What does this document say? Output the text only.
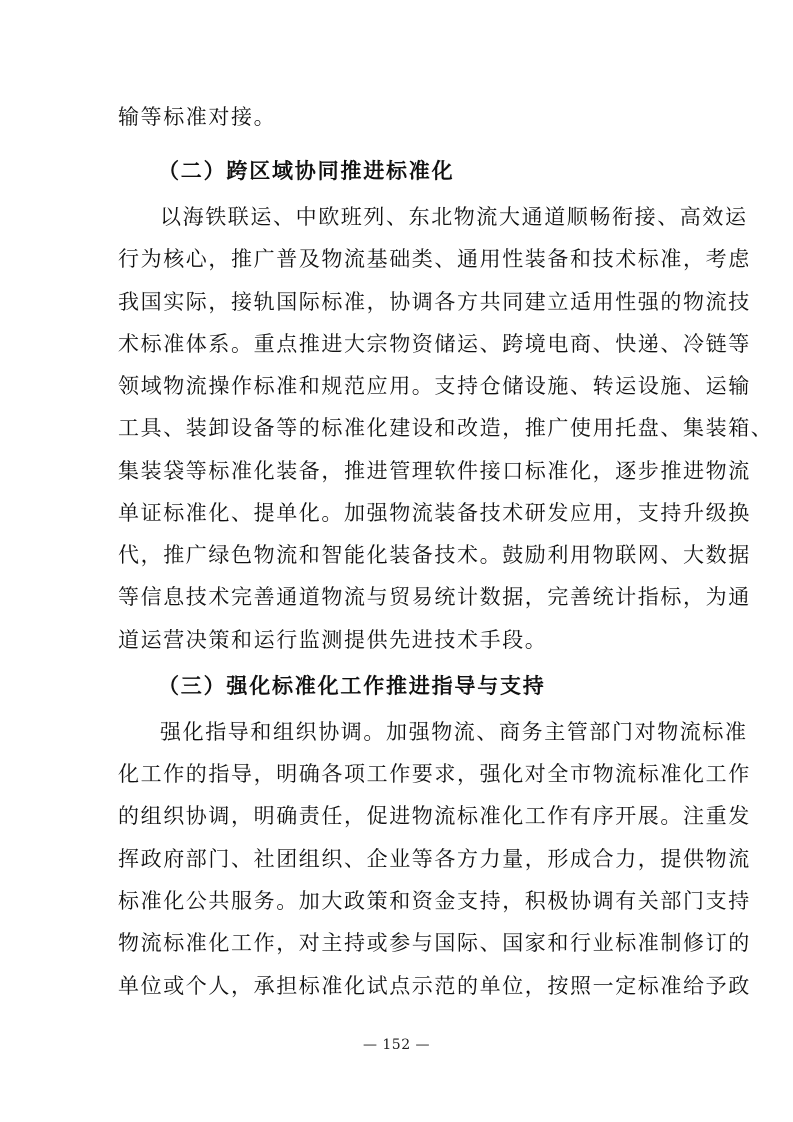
输等标准对接。
（二）跨区域协同推进标准化
以海铁联运、中欧班列、东北物流大通道顺畅衔接、高效运
行为核心，推广普及物流基础类、通用性装备和技术标准，考虑
我国实际，接轨国际标准，协调各方共同建立适用性强的物流技
术标准体系。重点推进大宗物资储运、跨境电商、快递、冷链等
领域物流操作标准和规范应用。支持仓储设施、转运设施、运输
工具、装卸设备等的标准化建设和改造，推广使用托盘、集装箱、
集装袋等标准化装备，推进管理软件接口标准化，逐步推进物流
单证标准化、提单化。加强物流装备技术研发应用，支持升级换
代，推广绿色物流和智能化装备技术。鼓励利用物联网、大数据
等信息技术完善通道物流与贸易统计数据，完善统计指标，为通
道运营决策和运行监测提供先进技术手段。
（三）强化标准化工作推进指导与支持
强化指导和组织协调。加强物流、商务主管部门对物流标准
化工作的指导，明确各项工作要求，强化对全市物流标准化工作
的组织协调，明确责任，促进物流标准化工作有序开展。注重发
挥政府部门、社团组织、企业等各方力量，形成合力，提供物流
标准化公共服务。加大政策和资金支持，积极协调有关部门支持
物流标准化工作，对主持或参与国际、国家和行业标准制修订的
单位或个人，承担标准化试点示范的单位，按照一定标准给予政
— 152 —
